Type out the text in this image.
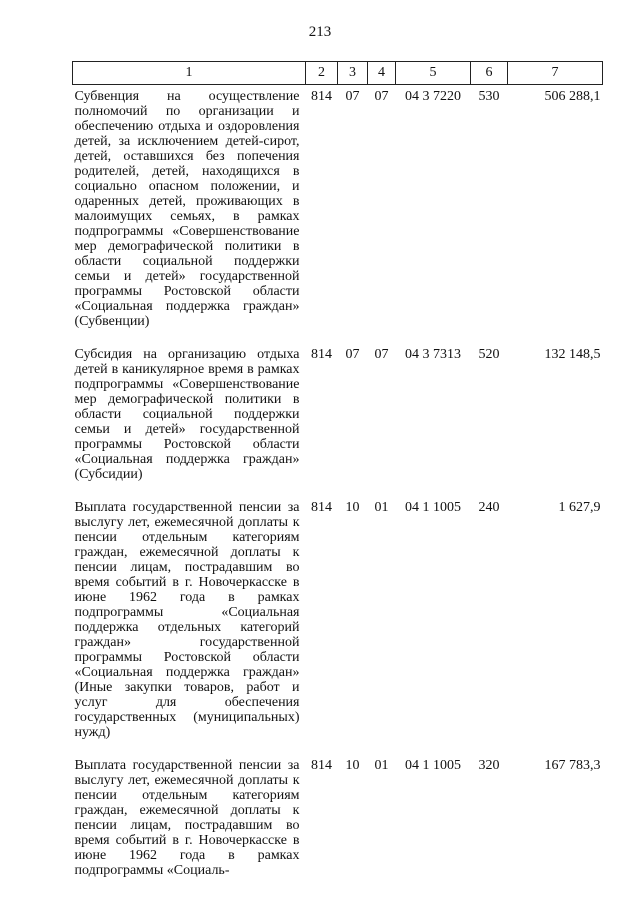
213
1	2	3	4	5	6	7
Субвенция на осуществление полномочий по организации и обеспечению отдыха и оздоровления детей, за исключением детей-сирот, детей, оставшихся без попечения родителей, детей, находящихся в социально опасном положении, и одаренных детей, проживающих в малоимущих семьях, в рамках подпрограммы «Совершенствование мер демографической политики в области социальной поддержки семьи и детей» государственной программы Ростовской области «Социальная поддержка граждан» (Субвенции)	814	07	07	04 3 7220	530	506 288,1
Субсидия на организацию отдыха детей в каникулярное время в рамках подпрограммы «Совершенствование мер демографической политики в области социальной поддержки семьи и детей» государственной программы Ростовской области «Социальная поддержка граждан» (Субсидии)	814	07	07	04 3 7313	520	132 148,5
Выплата государственной пенсии за выслугу лет, ежемесячной доплаты к пенсии отдельным категориям граждан, ежемесячной доплаты к пенсии лицам, пострадавшим во время событий в г. Новочеркасске в июне 1962 года в рамках подпрограммы «Социальная поддержка отдельных категорий граждан» государственной программы Ростовской области «Социальная поддержка граждан» (Иные закупки товаров, работ и услуг для обеспечения государственных (муниципальных) нужд)	814	10	01	04 1 1005	240	1 627,9
Выплата государственной пенсии за выслугу лет, ежемесячной доплаты к пенсии отдельным категориям граждан, ежемесячной доплаты к пенсии лицам, пострадавшим во время событий в г. Новочеркасске в июне 1962 года в рамках подпрограммы «Социаль-	814	10	01	04 1 1005	320	167 783,3
